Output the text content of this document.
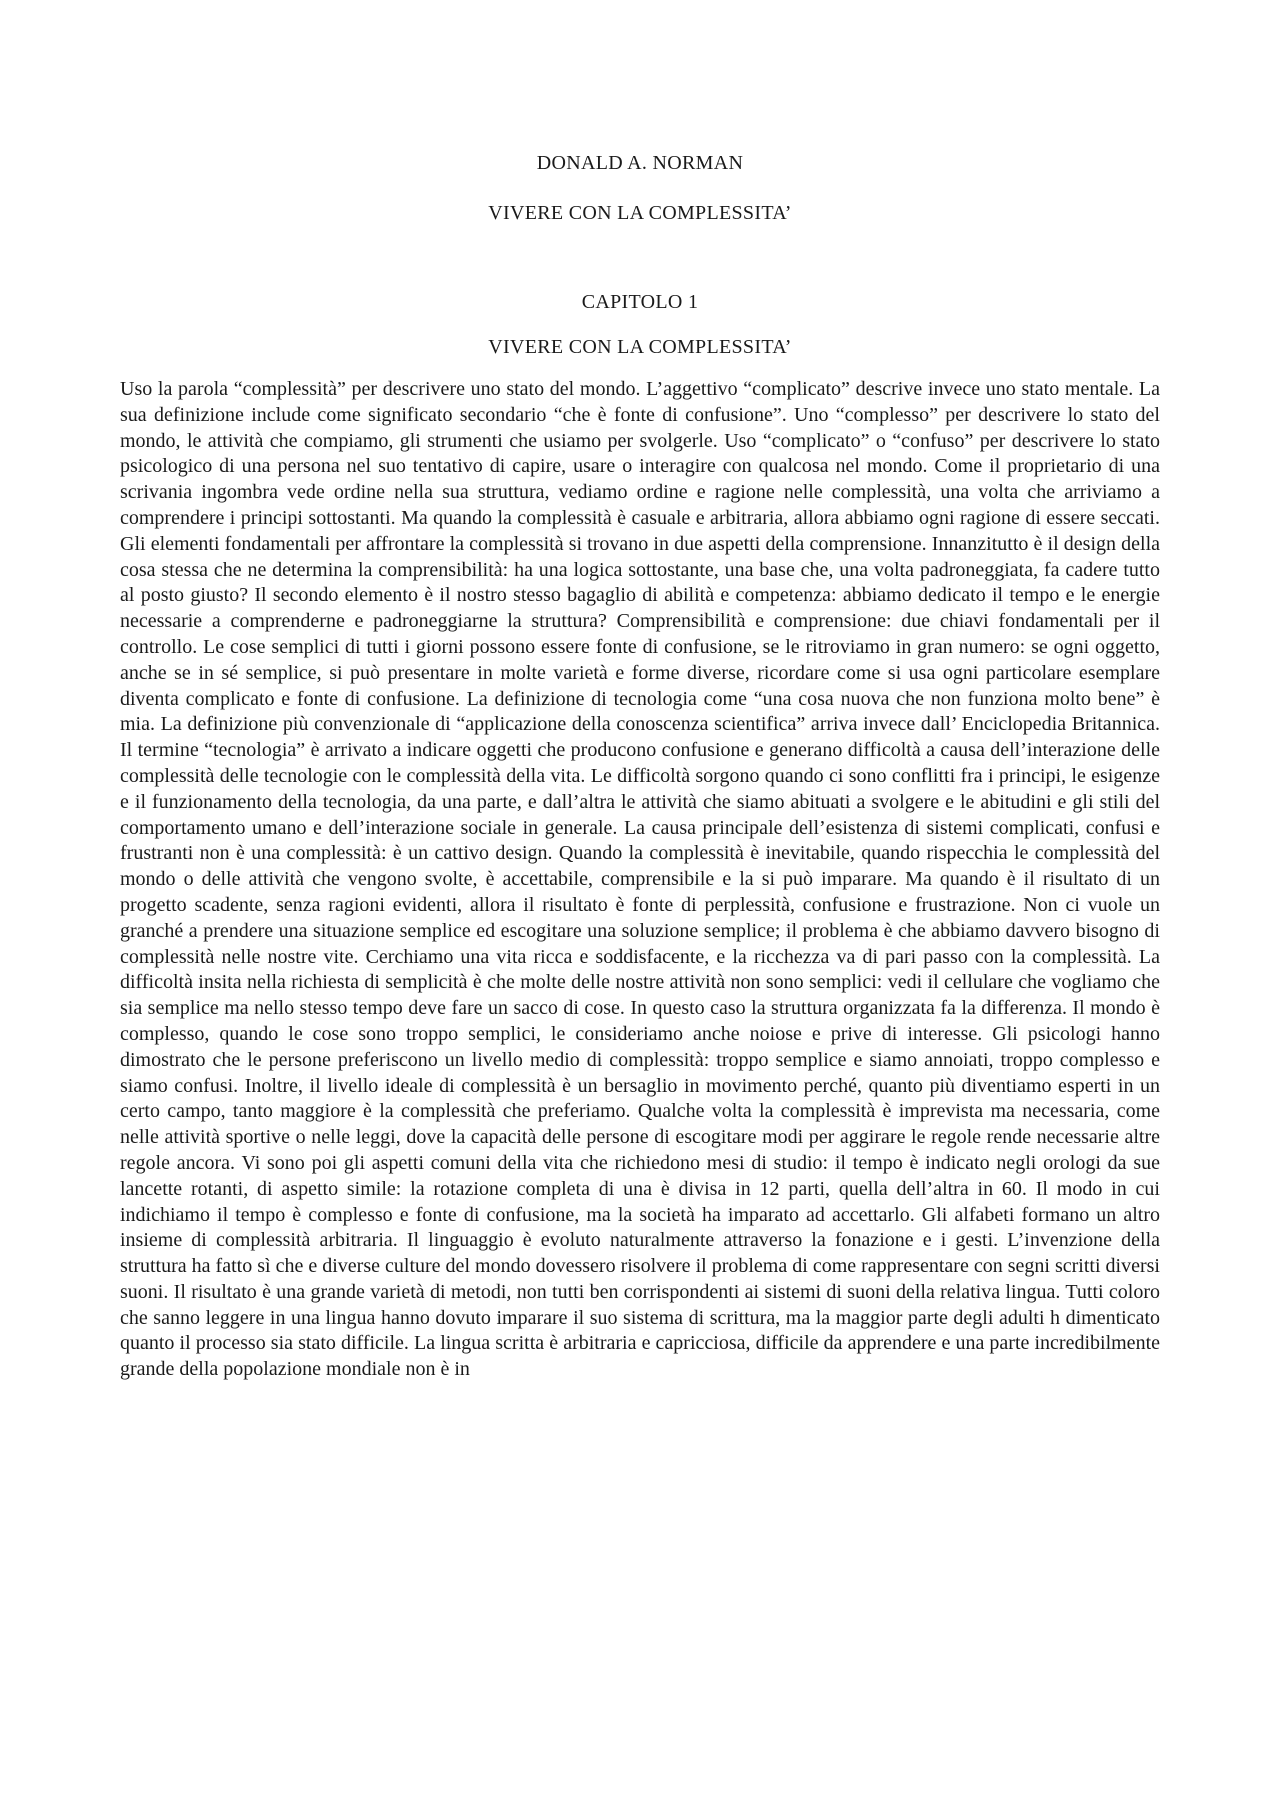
DONALD A. NORMAN
VIVERE CON LA COMPLESSITA’
CAPITOLO 1
VIVERE CON LA COMPLESSITA’

Uso la parola “complessità” per descrivere uno stato del mondo. L’aggettivo “complicato” descrive invece uno stato mentale. La sua definizione include come significato secondario “che è fonte di confusione”. Uno “complesso” per descrivere lo stato del mondo, le attività che compiamo, gli strumenti che usiamo per svolgerle. Uso “complicato” o “confuso” per descrivere lo stato psicologico di una persona nel suo tentativo di capire, usare o interagire con qualcosa nel mondo. Come il proprietario di una scrivania ingombra vede ordine nella sua struttura, vediamo ordine e ragione nelle complessità, una volta che arriviamo a comprendere i principi sottostanti. Ma quando la complessità è casuale e arbitraria, allora abbiamo ogni ragione di essere seccati. Gli elementi fondamentali per affrontare la complessità si trovano in due aspetti della comprensione. Innanzitutto è il design della cosa stessa che ne determina la comprensibilità: ha una logica sottostante, una base che, una volta padroneggiata, fa cadere tutto al posto giusto? Il secondo elemento è il nostro stesso bagaglio di abilità e competenza: abbiamo dedicato il tempo e le energie necessarie a comprenderne e padroneggiarne la struttura? Comprensibilità e comprensione: due chiavi fondamentali per il controllo. Le cose semplici di tutti i giorni possono essere fonte di confusione, se le ritroviamo in gran numero: se ogni oggetto, anche se in sé semplice, si può presentare in molte varietà e forme diverse, ricordare come si usa ogni particolare esemplare diventa complicato e fonte di confusione. La definizione di tecnologia come “una cosa nuova che non funziona molto bene” è mia. La definizione più convenzionale di “applicazione della conoscenza scientifica” arriva invece dall’ Enciclopedia Britannica. Il termine “tecnologia” è arrivato a indicare oggetti che producono confusione e generano difficoltà a causa dell’interazione delle complessità delle tecnologie con le complessità della vita. Le difficoltà sorgono quando ci sono conflitti fra i principi, le esigenze e il funzionamento della tecnologia, da una parte, e dall’altra le attività che siamo abituati a svolgere e le abitudini e gli stili del comportamento umano e dell’interazione sociale in generale. La causa principale dell’esistenza di sistemi complicati, confusi e frustranti non è una complessità: è un cattivo design. Quando la complessità è inevitabile, quando rispecchia le complessità del mondo o delle attività che vengono svolte, è accettabile, comprensibile e la si può imparare. Ma quando è il risultato di un progetto scadente, senza ragioni evidenti, allora il risultato è fonte di perplessità, confusione e frustrazione. Non ci vuole un granché a prendere una situazione semplice ed escogitare una soluzione semplice; il problema è che abbiamo davvero bisogno di complessità nelle nostre vite. Cerchiamo una vita ricca e soddisfacente, e la ricchezza va di pari passo con la complessità. La difficoltà insita nella richiesta di semplicità è che molte delle nostre attività non sono semplici: vedi il cellulare che vogliamo che sia semplice ma nello stesso tempo deve fare un sacco di cose. In questo caso la struttura organizzata fa la differenza. Il mondo è complesso, quando le cose sono troppo semplici, le consideriamo anche noiose e prive di interesse. Gli psicologi hanno dimostrato che le persone preferiscono un livello medio di complessità: troppo semplice e siamo annoiati, troppo complesso e siamo confusi. Inoltre, il livello ideale di complessità è un bersaglio in movimento perché, quanto più diventiamo esperti in un certo campo, tanto maggiore è la complessità che preferiamo. Qualche volta la complessità è imprevista ma necessaria, come nelle attività sportive o nelle leggi, dove la capacità delle persone di escogitare modi per aggirare le regole rende necessarie altre regole ancora. Vi sono poi gli aspetti comuni della vita che richiedono mesi di studio: il tempo è indicato negli orologi da sue lancette rotanti, di aspetto simile: la rotazione completa di una è divisa in 12 parti, quella dell’altra in 60. Il modo in cui indichiamo il tempo è complesso e fonte di confusione, ma la società ha imparato ad accettarlo. Gli alfabeti formano un altro insieme di complessità arbitraria. Il linguaggio è evoluto naturalmente attraverso la fonazione e i gesti. L’invenzione della struttura ha fatto sì che e diverse culture del mondo dovessero risolvere il problema di come rappresentare con segni scritti diversi suoni. Il risultato è una grande varietà di metodi, non tutti ben corrispondenti ai sistemi di suoni della relativa lingua. Tutti coloro che sanno leggere in una lingua hanno dovuto imparare il suo sistema di scrittura, ma la maggior parte degli adulti h dimenticato quanto il processo sia stato difficile. La lingua scritta è arbitraria e capricciosa, difficile da apprendere e una parte incredibilmente grande della popolazione mondiale non è in
